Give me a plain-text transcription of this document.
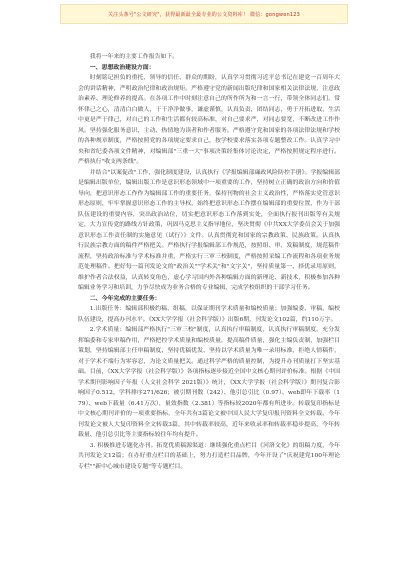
关注头条号"公文研究"，获得最新最全最专业的公文资料库！ 微信：gongwen123

我将一年来的主要工作报告如下。

一、思想政治建设方面：

时刻铭记担负的重托、领导的信任、群众的期盼，认真学习贯彻习近平总书记在建党一百周年大会的讲话精神，严明政治纪律和政治规矩。严格遵守党的新闻出版纪律和国家相关法律法规，注意政治素养、理论修养的提高。在各项工作中时刻注意自己的所作所为和一言一行，带领全体同志们，常怀律己之心，清清白白做人，干干净净做事，谦虚谨慎，认真负责，团结同志，勇于开拓进取，生活中更是严于律己，对自己的工作和生活都有较高标准，对自己要求严，对同志要宽，不断改进工作作风。坚持强化服务意识，主动、热情地为读者和作者服务。严格遵守党和国家的各项法律法规和学校的各种规章制度，严格按照党的各项规定要求自己，按学校要求落实各项专题整改工作。认真学习中央和省纪委各项文件精神，对编辑部"三重一大"事项决策经集体讨论决定，严格按照规定程序进行。严格执行"收支两条线"。

并结合"以案促改"工作，强化制度建设，认真执行《学报编辑部廉政风险防控手册》。学报编辑部是编辑出版单位，编辑出版工作是意识形态领域中一项重要的工作，坚持树立正确的政治方向和价值导向，把意识形态工作作为编辑部工作的重要任务，保持刊物的社会主义政治性，严格落实党管意识形态原则，牢牢掌握意识形态工作的主导权，始终把意识形态工作摆在编辑部的重要位置，作为干部队伍建设的重要内容，突出政治站位，切实把意识形态工作落到实处，全面执行报刊出版等有关规定，大力宣传党的路线方针政策，巩固马克思主义指导地位，坚决贯彻《中共XX大学委员会关于加强意识形态工作责任制的实施意见（试行）》文件。认真贯彻党和国家的宗教政策、民族政策。认真执行民族宗教方面的稿件严格把关。严格执行学报编辑部工作规范，按照组、审、发稿制度，规范稿件流程，坚持政治标准与学术标准并重，严格实行三审三校制度，严格按照采编工作流程和各项业务规范处理稿件。把好每一篇刊发论文的"政治关""学术关"和"文字关"，坚持质量第一、择优录用原则，维护作者合法权益，认真转变角色，虚心学习国内外各种编辑方面的新理论、新技术，积极参加各种编辑业务学习和培训，力争尽快成为业务合格的专业编辑，完成学校组织的干部学习任务。

二、今年完成的主要任务：

1.出版任务：编辑部积极约稿、组稿，以保证期刊学术质量和编校质量；加强编委、审稿、编校队伍建设，提高办刊水平。《XX大学学报（社会科学版）》出版6期，刊发论文102篇，约110万字。

2.学术质量：编辑部严格执行"三审三校"制度，认真执行审稿制度，认真执行审稿制度，充分发挥编委和专家审稿作用，严格把控学术质量和编校质量，提高稿件质量，强化主编负责制，加强栏目策划，坚持编辑部主任审稿制度、坚持优稿优发、坚持以学术质量为唯一录用标准，拒绝人情稿件，对于学术不端行为零容忍，为论文质量把关。通过科学严格的质量控制，为提升办刊质量打下坚实基础。目前，《XX大学学报（社会科学版）》各项指标逐步接近全国中文核心期刊评价标准。根据《中国学术期刊影响因子年报（人文社会科学 2021版）》统计，《XX大学学报（社会科学版）》期刊复合影响因子0.512，学科排序271/626；被引期刊数（242）、他引总引比（0.97）、web即年下载率（179）、web下载量（6.41万次），量效指数（2.381）等指标较2020年都有所进步。转载复印指标是中文核心期刊评价的一项重要指标，全年共有3篇论文被中国人民大学复印报刊资料全文转载。今年刊发论文被人大复印资料全文转载3篇，其中转载率较高，近年来收录率和转载率稳步提高，今年转载量、他引总引比等主要指标较往年均有提升。

3. 积极推进专题化办刊。拓宽优质稿源渠道：继续强化重点栏目《河洛文化》的组稿力度，今年共刊发论文12篇；在办好重点栏目的基础上，努力打造栏目品牌，今年开设了"庆祝建党100年理论专栏""新中心城市建设专题"等专题栏目。
